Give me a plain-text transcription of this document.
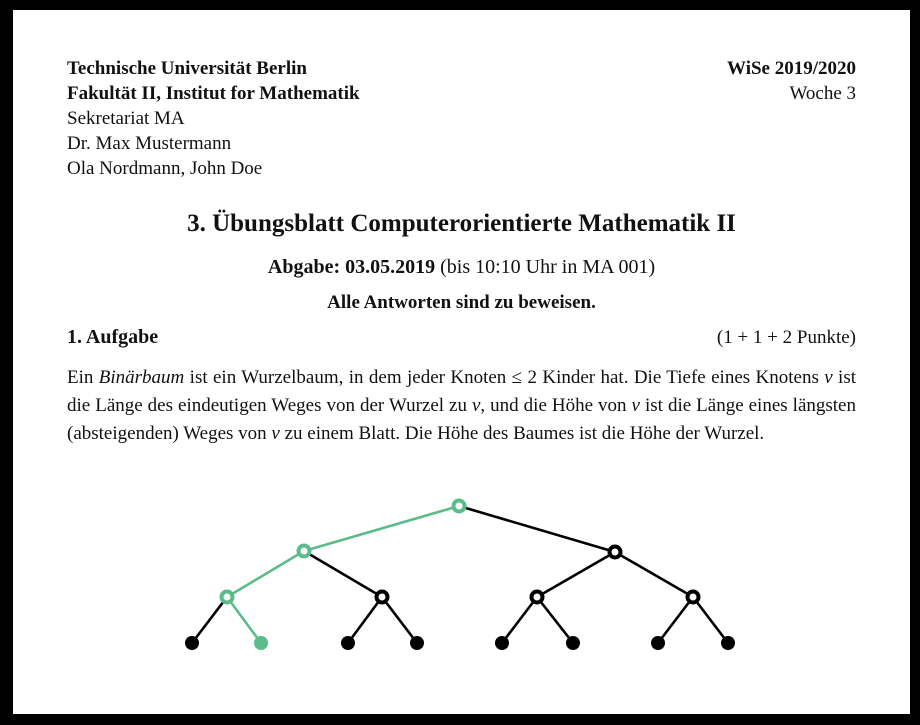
Technische Universität Berlin
Fakultät II, Institut for Mathematik
Sekretariat MA
Dr. Max Mustermann
Ola Nordmann, John Doe
WiSe 2019/2020
Woche 3
3. Übungsblatt Computerorientierte Mathematik II
Abgabe: 03.05.2019 (bis 10:10 Uhr in MA 001)
Alle Antworten sind zu beweisen.
1. Aufgabe	(1 + 1 + 2 Punkte)

Ein Binärbaum ist ein Wurzelbaum, in dem jeder Knoten ≤ 2 Kinder hat. Die Tiefe eines Knotens v ist die Länge des eindeutigen Weges von der Wurzel zu v, und die Höhe von v ist die Länge eines längsten (absteigenden) Weges von v zu einem Blatt. Die Höhe des Baumes ist die Höhe der Wurzel.
